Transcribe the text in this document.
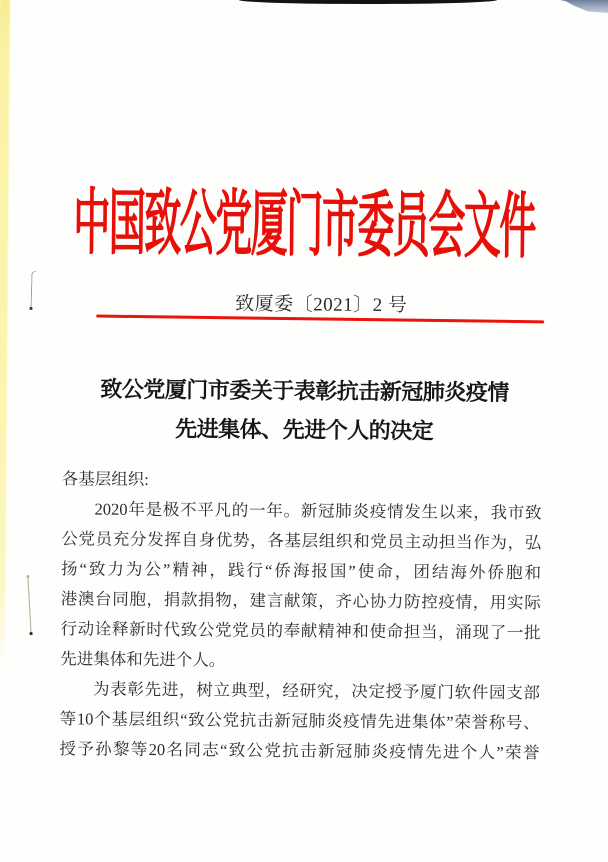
中国致公党厦门市委员会文件
致厦委〔2021〕2 号
致公党厦门市委关于表彰抗击新冠肺炎疫情
先进集体、先进个人的决定
各基层组织:
2020年是极不平凡的一年。新冠肺炎疫情发生以来，我市致
公党员充分发挥自身优势，各基层组织和党员主动担当作为，弘
扬“致力为公”精神，践行“侨海报国”使命，团结海外侨胞和
港澳台同胞，捐款捐物，建言献策，齐心协力防控疫情，用实际
行动诠释新时代致公党党员的奉献精神和使命担当，涌现了一批
先进集体和先进个人。
为表彰先进，树立典型，经研究，决定授予厦门软件园支部
等10个基层组织“致公党抗击新冠肺炎疫情先进集体”荣誉称号、
授予孙黎等20名同志“致公党抗击新冠肺炎疫情先进个人”荣誉
